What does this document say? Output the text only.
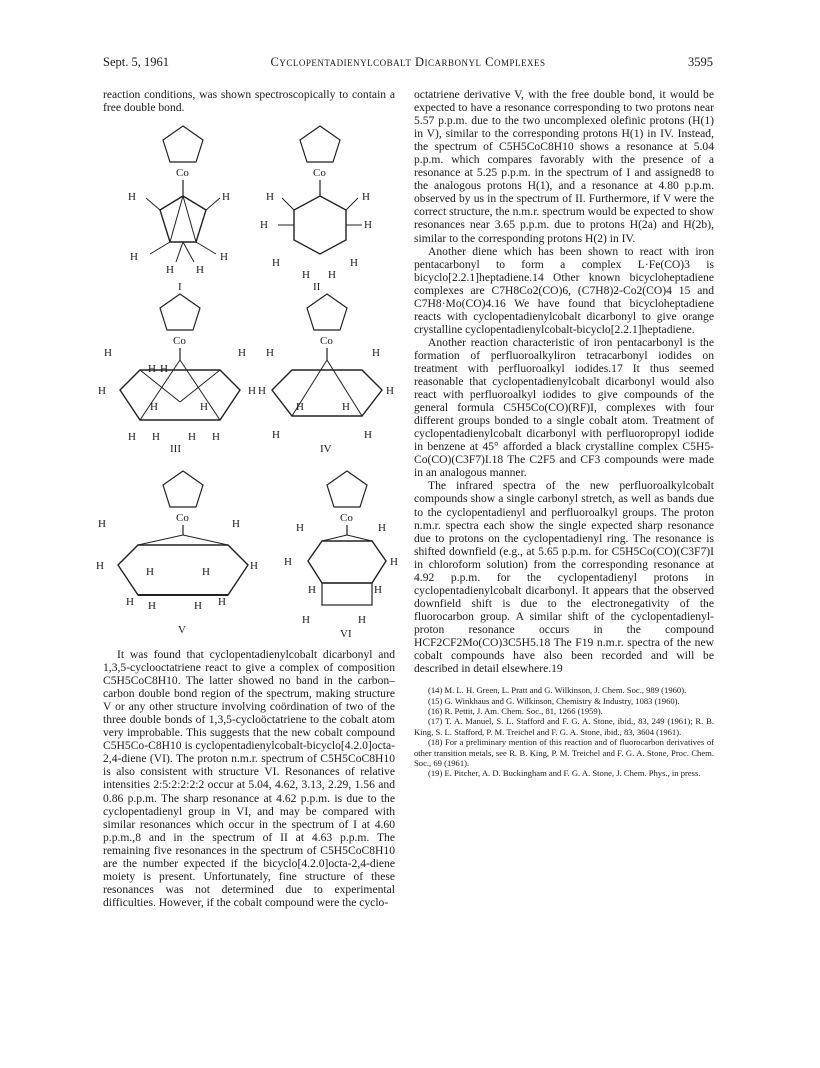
Sept. 5, 1961	Cyclopentadienylcobalt Dicarbonyl Complexes	3595

reaction conditions, was shown spectroscopically to contain a free double bond.

Co
H	H
H	H
H H
I
Co
H	H
H	H
H	H
H H
II
Co
H	H
H	H
H H
H	H
H H	H H
III
Co
H	H
H	H
H	H
H	H
IV
Co
H	H
H	H
H	H
H H	H H
V
Co
H	H
H	H
H	H
H	H
VI

It was found that cyclopentadienylcobalt dicarbonyl and 1,3,5-cyclooctatriene react to give a complex of composition C5H5CoC8H10. The latter showed no band in the carbon–carbon double bond region of the spectrum, making structure V or any other structure involving coördination of two of the three double bonds of 1,3,5-cycloöctatriene to the cobalt atom very improbable. This suggests that the new cobalt compound C5H5Co-C8H10 is cyclopentadienylcobalt-bicyclo[4.2.0]octa-2,4-diene (VI). The proton n.m.r. spectrum of C5H5CoC8H10 is also consistent with structure VI. Resonances of relative intensities 2:5:2:2:2:2 occur at 5.04, 4.62, 3.13, 2.29, 1.56 and 0.86 p.p.m. The sharp resonance at 4.62 p.p.m. is due to the cyclopentadienyl group in VI, and may be compared with similar resonances which occur in the spectrum of I at 4.60 p.p.m.,8 and in the spectrum of II at 4.63 p.p.m. The remaining five resonances in the spectrum of C5H5CoC8H10 are the number expected if the bicyclo[4.2.0]octa-2,4-diene moiety is present. Unfortunately, fine structure of these resonances was not determined due to experimental difficulties. However, if the cobalt compound were the cyclo-

octatriene derivative V, with the free double bond, it would be expected to have a resonance corresponding to two protons near 5.57 p.p.m. due to the two uncomplexed olefinic protons (H(1) in V), similar to the corresponding protons H(1) in IV. Instead, the spectrum of C5H5CoC8H10 shows a resonance at 5.04 p.p.m. which compares favorably with the presence of a resonance at 5.25 p.p.m. in the spectrum of I and assigned8 to the analogous protons H(1), and a resonance at 4.80 p.p.m. observed by us in the spectrum of II. Furthermore, if V were the correct structure, the n.m.r. spectrum would be expected to show resonances near 3.65 p.p.m. due to protons H(2a) and H(2b), similar to the corresponding protons H(2) in IV.

Another diene which has been shown to react with iron pentacarbonyl to form a complex L·Fe(CO)3 is bicyclo[2.2.1]heptadiene.14 Other known bicycloheptadiene complexes are C7H8Co2(CO)6, (C7H8)2-Co2(CO)4 15 and C7H8·Mo(CO)4.16 We have found that bicycloheptadiene reacts with cyclopentadienylcobalt dicarbonyl to give orange crystalline cyclopentadienylcobalt-bicyclo[2.2.1]heptadiene.

Another reaction characteristic of iron pentacarbonyl is the formation of perfluoroalkyliron tetracarbonyl iodides on treatment with perfluoroalkyl iodides.17 It thus seemed reasonable that cyclopentadienylcobalt dicarbonyl would also react with perfluoroalkyl iodides to give compounds of the general formula C5H5Co(CO)(RF)I, complexes with four different groups bonded to a single cobalt atom. Treatment of cyclopentadienylcobalt dicarbonyl with perfluoropropyl iodide in benzene at 45° afforded a black crystalline complex C5H5-Co(CO)(C3F7)I.18 The C2F5 and CF3 compounds were made in an analogous manner.

The infrared spectra of the new perfluoroalkylcobalt compounds show a single carbonyl stretch, as well as bands due to the cyclopentadienyl and perfluoroalkyl groups. The proton n.m.r. spectra each show the single expected sharp resonance due to protons on the cyclopentadienyl ring. The resonance is shifted downfield (e.g., at 5.65 p.p.m. for C5H5Co(CO)(C3F7)I in chloroform solution) from the corresponding resonance at 4.92 p.p.m. for the cyclopentadienyl protons in cyclopentadienylcobalt dicarbonyl. It appears that the observed downfield shift is due to the electronegativity of the fluorocarbon group. A similar shift of the cyclopentadienyl-proton resonance occurs in the compound HCF2CF2Mo(CO)3C5H5.18 The F19 n.m.r. spectra of the new cobalt compounds have also been recorded and will be described in detail elsewhere.19

(14) M. L. H. Green, L. Pratt and G. Wilkinson, J. Chem. Soc., 989 (1960).

(15) G. Winkhaus and G. Wilkinson, Chemistry & Industry, 1083 (1960).

(16) R. Pettit, J. Am. Chem. Soc., 81, 1266 (1959).

(17) T. A. Manuel, S. L. Stafford and F. G. A. Stone, ibid., 83, 249 (1961); R. B. King, S. L. Stafford, P. M. Treichel and F. G. A. Stone, ibid., 83, 3604 (1961).

(18) For a preliminary mention of this reaction and of fluorocarbon derivatives of other transition metals, see R. B. King, P. M. Treichel and F. G. A. Stone, Proc. Chem. Soc., 69 (1961).

(19) E. Pitcher, A. D. Buckingham and F. G. A. Stone, J. Chem. Phys., in press.
